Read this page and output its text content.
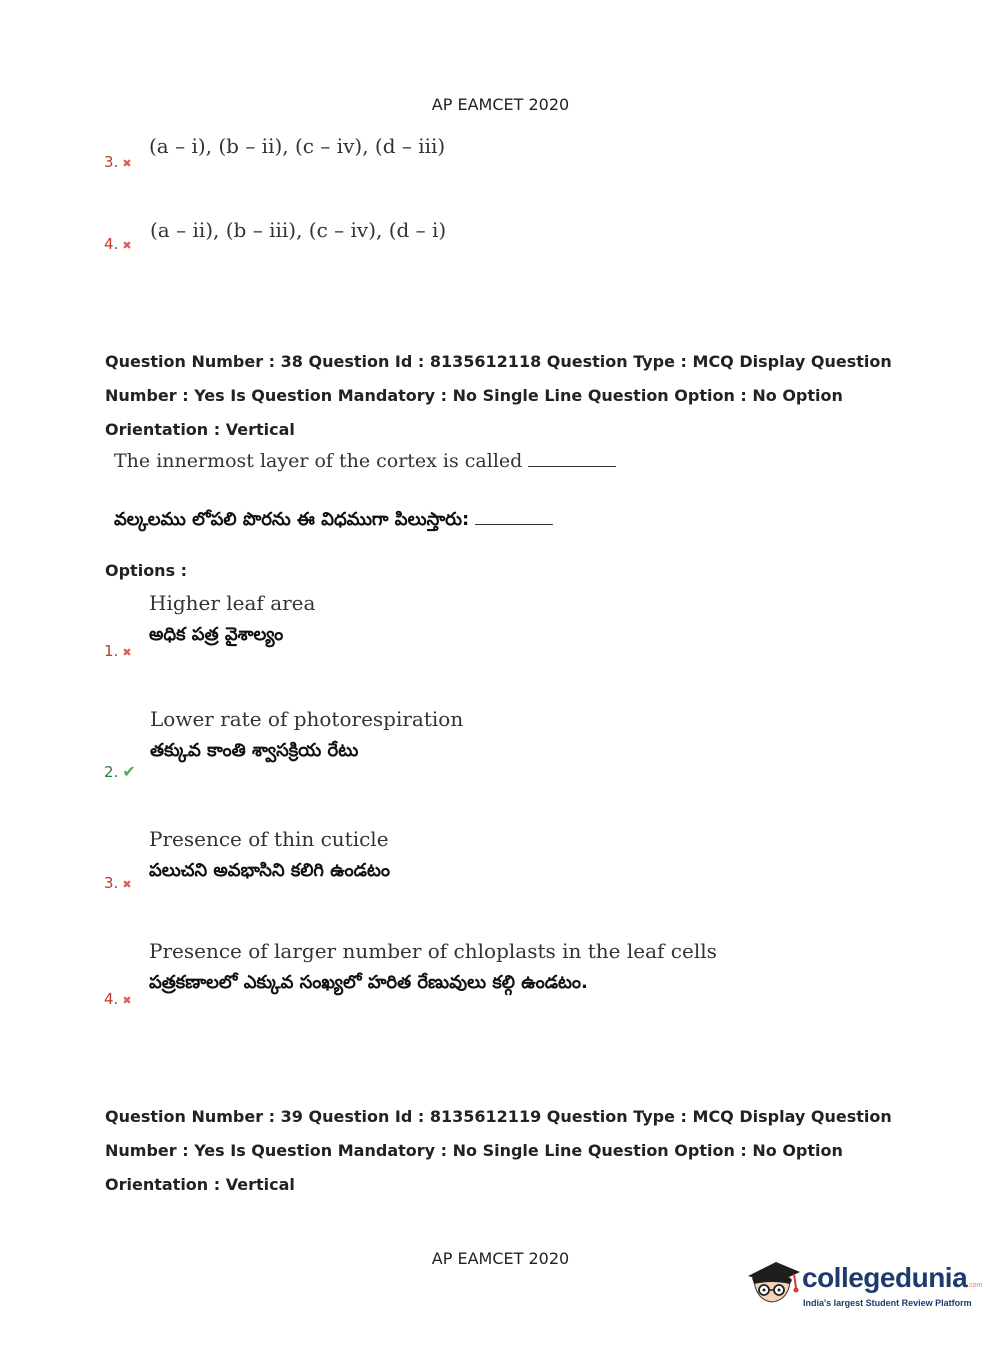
AP EAMCET 2020
3. ✖
(a – i), (b – ii), (c – iv), (d – iii)
4. ✖
(a – ii), (b – iii), (c – iv), (d – i)
Question Number : 38 Question Id : 8135612118 Question Type : MCQ Display Question
Number : Yes Is Question Mandatory : No Single Line Question Option : No Option
Orientation : Vertical
The innermost layer of the cortex is called
వల్కలము లోపలి పొరను ఈ విధముగా పిలుస్తారు:
Options :
Higher leaf area
అధిక పత్ర వైశాల్యం
1. ✖
Lower rate of photorespiration
తక్కువ కాంతి శ్వాసక్రియ రేటు
2. ✔
Presence of thin cuticle
పలుచని అవభాసిని కలిగి ఉండటం
3. ✖
Presence of larger number of chloplasts in the leaf cells
పత్రకణాలలో ఎక్కువ సంఖ్యలో హరిత రేణువులు కల్గి ఉండటం.
4. ✖
Question Number : 39 Question Id : 8135612119 Question Type : MCQ Display Question
Number : Yes Is Question Mandatory : No Single Line Question Option : No Option
Orientation : Vertical
AP EAMCET 2020
collegedunia.com
India's largest Student Review Platform
